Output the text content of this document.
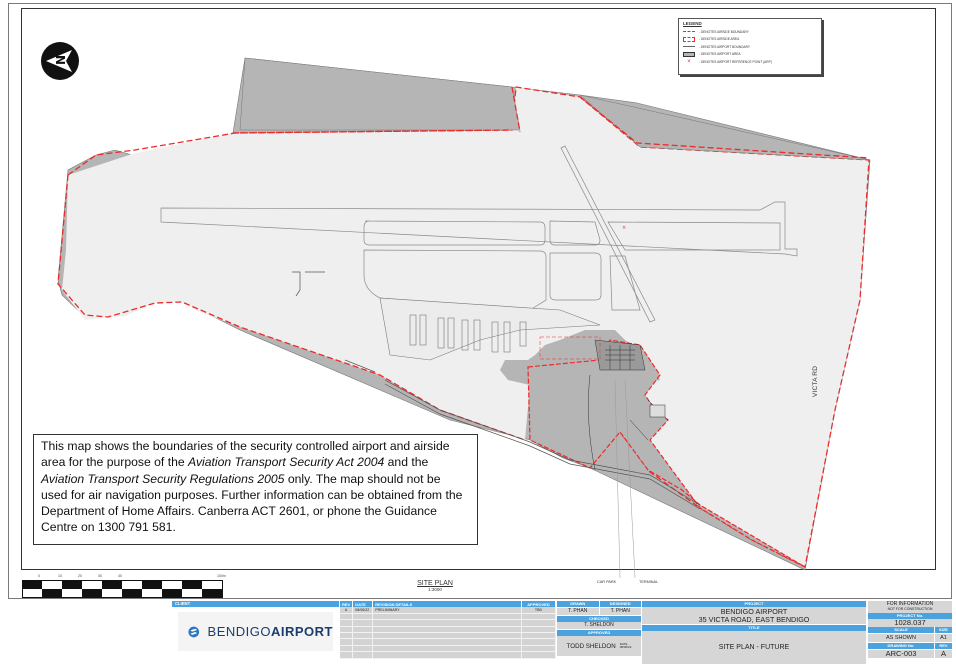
×
N
LEGEND
- DENOTES AIRSIDE BOUNDARY
- DENOTES AIRSIDE AREA
- DENOTES AIRPORT BOUNDARY
- DENOTES AIRPORT AREA
×	- DENOTES AIRPORT REFERENCE POINT (ARP)
VICTA RD
This map shows the boundaries of the security controlled airport and airside area for the purpose of the Aviation Transport Security Act 2004 and the Aviation Transport Security Regulations 2005 only. The map should not be used for air navigation purposes. Further information can be obtained from the Department of Home Affairs. Canberra ACT 2601, or phone the Guidance Centre on 1300 791 581.
0	10	20	30	40	100m
SITE PLAN
1:3000
CAR PARK	TERMINAL
CLIENT
BENDIGOAIRPORT
REV	DATE	REVISION DETAILS	APPROVED
A	08/06/22	PRELIMINARY	TBD

DRAWN	DESIGNED
T. PHAN	T. PHAN
CHECKED
T. SHELDON
APPROVED
TODD SHELDON DATE
08/06/22
PROJECT
BENDIGO AIRPORT
35 VICTA ROAD, EAST BENDIGO
TITLE
SITE PLAN - FUTURE
FOR INFORMATION
NOT FOR CONSTRUCTION
PROJECT No.
1028.037
SCALE	SIZE
AS SHOWN	A1
DRAWING No.	REV
ARC-003	A
